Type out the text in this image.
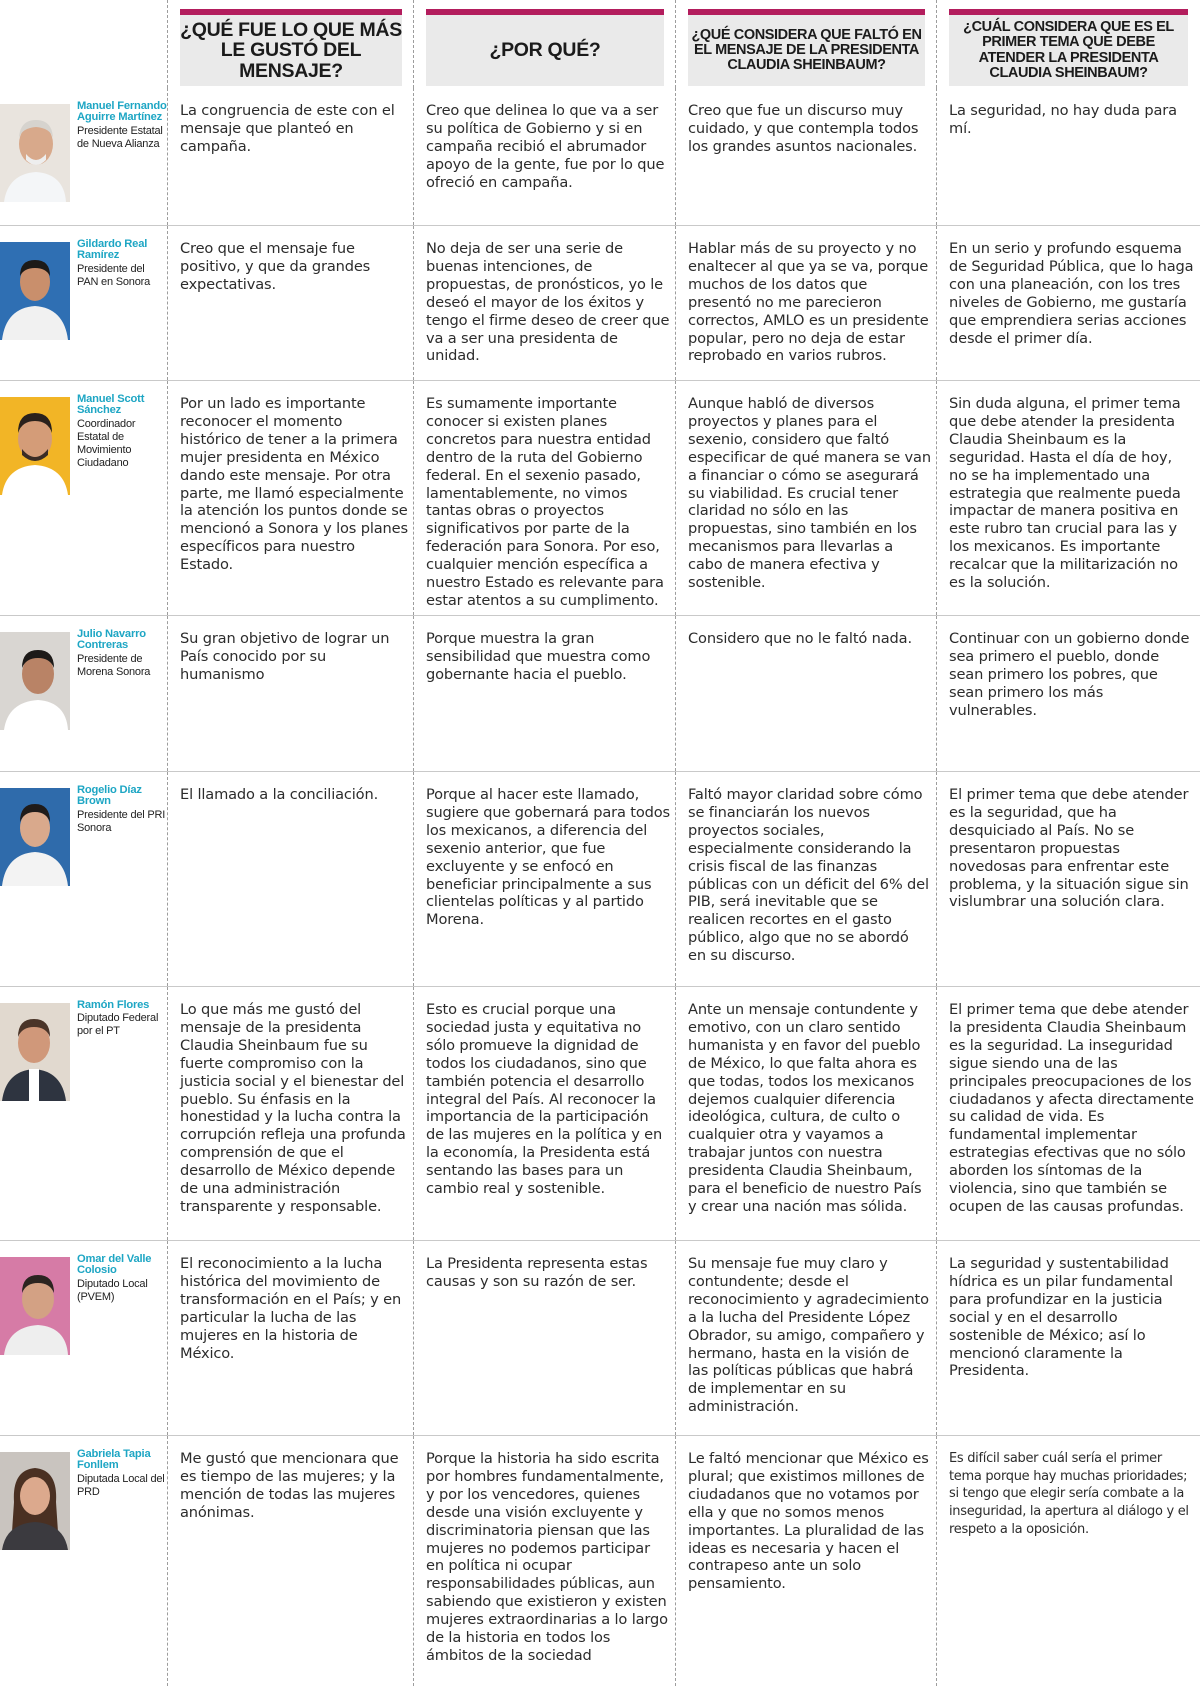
¿QUÉ FUE LO QUE MÁS LE GUSTÓ DEL MENSAJE?
¿POR QUÉ?
¿QUÉ CONSIDERA QUE FALTÓ EN EL MENSAJE DE LA PRESIDENTA CLAUDIA SHEINBAUM?
¿CUÁL CONSIDERA QUE ES EL PRIMER TEMA QUE DEBE ATENDER LA PRESIDENTA CLAUDIA SHEINBAUM?
Manuel Fernando Aguirre Martínez
Presidente Estatal de Nueva Alianza
La congruencia de este con el mensaje que planteó en campaña.
Creo que delinea lo que va a ser su política de Gobierno y si en campaña recibió el abrumador apoyo de la gente, fue por lo que ofreció en campaña.
Creo que fue un discurso muy cuidado, y que contempla todos los grandes asuntos nacionales.
La seguridad, no hay duda para mí.
Gildardo Real Ramírez
Presidente del PAN en Sonora
Creo que el mensaje fue positivo, y que da grandes expectativas.
No deja de ser una serie de buenas intenciones, de propuestas, de pronósticos, yo le deseó el mayor de los éxitos y tengo el firme deseo de creer que va a ser una presidenta de unidad.
Hablar más de su proyecto y no enaltecer al que ya se va, porque muchos de los datos que presentó no me parecieron correctos, AMLO es un presidente popular, pero no deja de estar reprobado en varios rubros.
En un serio y profundo esquema de Seguridad Pública, que lo haga con una planeación, con los tres niveles de Gobierno, me gustaría que emprendiera serias acciones desde el primer día.
Manuel Scott Sánchez
Coordinador Estatal de Movimiento Ciudadano
Por un lado es importante reconocer el momento histórico de tener a la primera mujer presidenta en México dando este mensaje. Por otra parte, me llamó especialmente la atención los puntos donde se mencionó a Sonora y los planes específicos para nuestro Estado.
Es sumamente importante conocer si existen planes concretos para nuestra entidad dentro de la ruta del Gobierno federal. En el sexenio pasado, lamentablemente, no vimos tantas obras o proyectos significativos por parte de la federación para Sonora. Por eso, cualquier mención específica a nuestro Estado es relevante para estar atentos a su cumplimento.
Aunque habló de diversos proyectos y planes para el sexenio, considero que faltó especificar de qué manera se van a financiar o cómo se asegurará su viabilidad. Es crucial tener claridad no sólo en las propuestas, sino también en los mecanismos para llevarlas a cabo de manera efectiva y sostenible.
Sin duda alguna, el primer tema que debe atender la presidenta Claudia Sheinbaum es la seguridad. Hasta el día de hoy, no se ha implementado una estrategia que realmente pueda impactar de manera positiva en este rubro tan crucial para las y los mexicanos. Es importante recalcar que la militarización no es la solución.
Julio Navarro Contreras
Presidente de Morena Sonora
Su gran objetivo de lograr un País conocido por su humanismo
Porque muestra la gran sensibilidad que muestra como gobernante hacia el pueblo.
Considero que no le faltó nada.	Continuar con un gobierno donde sea primero el pueblo, donde sean primero los pobres, que sean primero los más vulnerables.
Rogelio Díaz Brown
Presidente del PRI Sonora
El llamado a la conciliación.	Porque al hacer este llamado, sugiere que gobernará para todos los mexicanos, a diferencia del sexenio anterior, que fue excluyente y se enfocó en beneficiar principalmente a sus clientelas políticas y al partido Morena.
Faltó mayor claridad sobre cómo se financiarán los nuevos proyectos sociales, especialmente considerando la crisis fiscal de las finanzas públicas con un déficit del 6% del PIB, será inevitable que se realicen recortes en el gasto público, algo que no se abordó en su discurso.
El primer tema que debe atender es la seguridad, que ha desquiciado al País. No se presentaron propuestas novedosas para enfrentar este problema, y la situación sigue sin vislumbrar una solución clara.
Ramón Flores
Diputado Federal por el PT
Lo que más me gustó del mensaje de la presidenta Claudia Sheinbaum fue su fuerte compromiso con la justicia social y el bienestar del pueblo. Su énfasis en la honestidad y la lucha contra la corrupción refleja una profunda comprensión de que el desarrollo de México depende de una administración transparente y responsable.
Esto es crucial porque una sociedad justa y equitativa no sólo promueve la dignidad de todos los ciudadanos, sino que también potencia el desarrollo integral del País. Al reconocer la importancia de la participación de las mujeres en la política y en la economía, la Presidenta está sentando las bases para un cambio real y sostenible.
Ante un mensaje contundente y emotivo, con un claro sentido humanista y en favor del pueblo de México, lo que falta ahora es que todas, todos los mexicanos dejemos cualquier diferencia ideológica, cultura, de culto o cualquier otra y vayamos a trabajar juntos con nuestra presidenta Claudia Sheinbaum, para el beneficio de nuestro País y crear una nación mas sólida.
El primer tema que debe atender la presidenta Claudia Sheinbaum es la seguridad. La inseguridad sigue siendo una de las principales preocupaciones de los ciudadanos y afecta directamente su calidad de vida. Es fundamental implementar estrategias efectivas que no sólo aborden los síntomas de la violencia, sino que también se ocupen de las causas profundas.
Omar del Valle Colosio
Diputado Local (PVEM)
El reconocimiento a la lucha histórica del movimiento de transformación en el País; y en particular la lucha de las mujeres en la historia de México.
La Presidenta representa estas causas y son su razón de ser.
Su mensaje fue muy claro y contundente; desde el reconocimiento y agradecimiento a la lucha del Presidente López Obrador, su amigo, compañero y hermano, hasta en la visión de las políticas públicas que habrá de implementar en su administración.
La seguridad y sustentabilidad hídrica es un pilar fundamental para profundizar en la justicia social y en el desarrollo sostenible de México; así lo mencionó claramente la Presidenta.
Gabriela Tapia Fonllem
Diputada Local del PRD
Me gustó que mencionara que es tiempo de las mujeres; y la mención de todas las mujeres anónimas.
Porque la historia ha sido escrita por hombres fundamentalmente, y por los vencedores, quienes desde una visión excluyente y discriminatoria piensan que las mujeres no podemos participar en política ni ocupar responsabilidades públicas, aun sabiendo que existieron y existen mujeres extraordinarias a lo largo de la historia en todos los ámbitos de la sociedad
Le faltó mencionar que México es plural; que existimos millones de ciudadanos que no votamos por ella y que no somos menos importantes. La pluralidad de las ideas es necesaria y hacen el contrapeso ante un solo pensamiento.
Es difícil saber cuál sería el primer tema porque hay muchas prioridades; si tengo que elegir sería combate a la inseguridad, la apertura al diálogo y el respeto a la oposición.
